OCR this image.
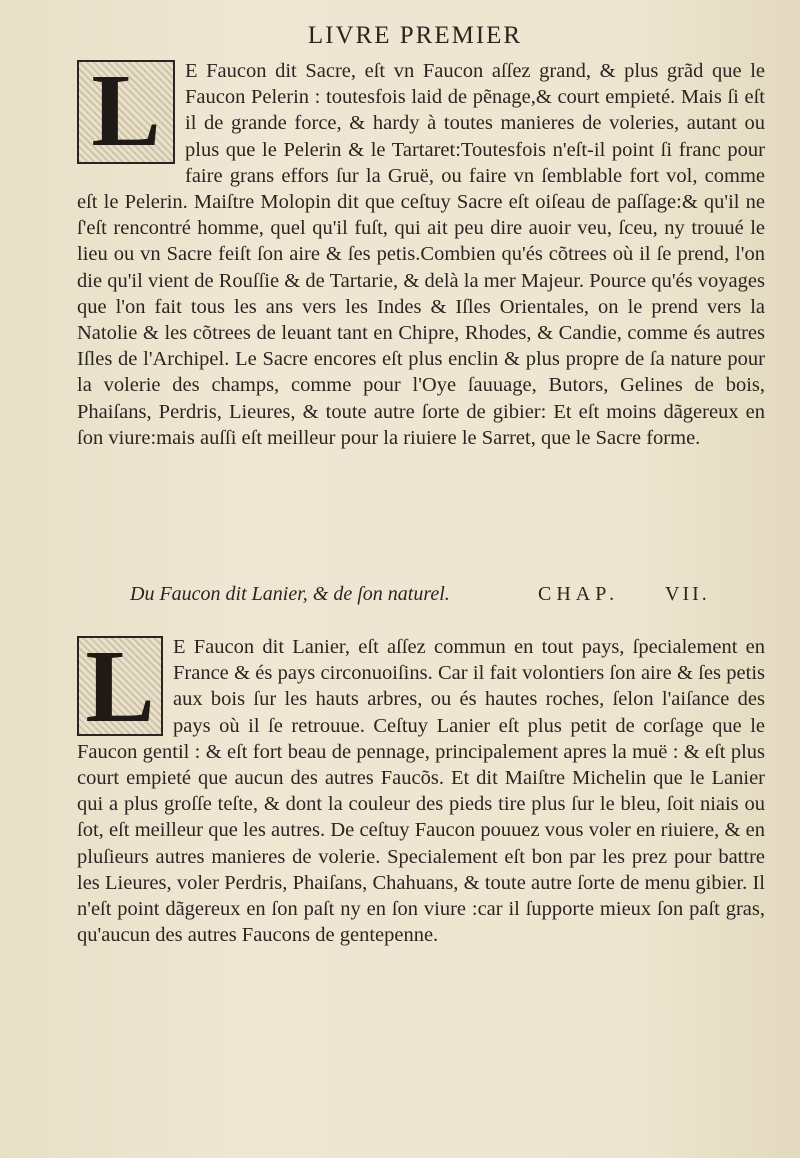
LIVRE PREMIER
L	E Faucon dit Sacre, eſt vn Faucon aſſez grand, & plus grãd que le Faucon Pelerin : toutesfois laid de pẽnage,& court empieté. Mais ſi eſt il de grande force, & hardy à toutes manieres de voleries, autant ou plus que le Pelerin & le Tartaret:Toutesfois n'eſt-il point ſi franc pour faire grans effors ſur la Gruë, ou faire vn ſemblable fort vol, comme eſt le Pelerin. Maiſtre Molopin dit que ceſtuy Sacre eſt oiſeau de paſſage:& qu'il ne ſ'eſt rencontré homme, quel qu'il fuſt, qui ait peu dire auoir veu, ſceu, ny trouué le lieu ou vn Sacre feiſt ſon aire & ſes petis.Combien qu'és cõtrees où il ſe prend, l'on die qu'il vient de Rouſſie & de Tartarie, & delà la mer Majeur. Pource qu'és voyages que l'on fait tous les ans vers les Indes & Iſles Orientales, on le prend vers la Natolie & les cõtrees de leuant tant en Chipre, Rhodes, & Candie, comme és autres Iſles de l'Archipel. Le Sacre encores eſt plus enclin & plus propre de ſa nature pour la volerie des champs, comme pour l'Oye ſauuage, Butors, Gelines de bois, Phaiſans, Perdris, Lieures, & toute autre ſorte de gibier: Et eſt moins dãgereux en ſon viure:mais auſſi eſt meilleur pour la riuiere le Sarret, que le Sacre forme.

Du Faucon dit Lanier, & de ſon naturel.	CHAP. VII.
L E Faucon dit Lanier, eſt aſſez commun en tout pays, ſpecialement en France & és pays circonuoiſins. Car il fait volontiers ſon aire & ſes petis aux bois ſur les hauts arbres, ou és hautes roches, ſelon l'aiſance des pays où il ſe retrouue. Ceſtuy Lanier eſt plus petit de corſage que le Faucon gentil : & eſt fort beau de pennage, principalement apres la muë : & eſt plus court empieté que aucun des autres Faucõs. Et dit Maiſtre Michelin que le Lanier qui a plus groſſe teſte, & dont la couleur des pieds tire plus ſur le bleu, ſoit niais ou ſot, eſt meilleur que les autres. De ceſtuy Faucon pouuez vous voler en riuiere, & en pluſieurs autres manieres de volerie. Specialement eſt bon par les prez pour battre les Lieures, voler Perdris, Phaiſans, Chahuans, & toute autre ſorte de menu gibier. Il n'eſt point dãgereux en ſon paſt ny en ſon viure :car il ſupporte mieux ſon paſt gras, qu'aucun des autres Faucons de gentepenne.
